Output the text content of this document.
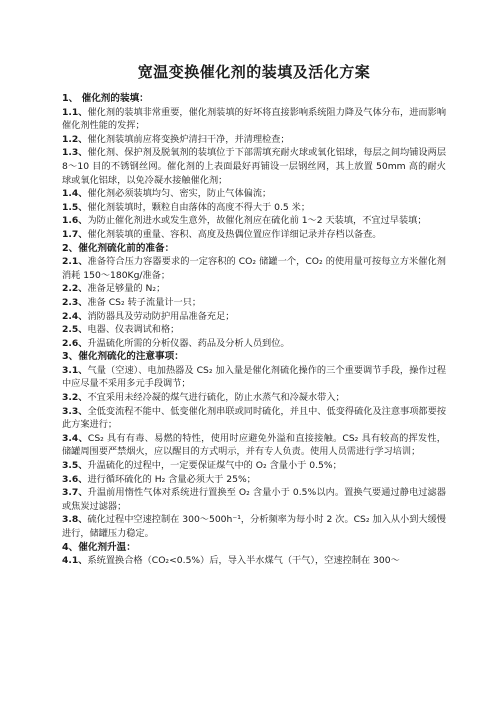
宽温变换催化剂的装填及活化方案

1、 催化剂的装填：

1.1、催化剂的装填非常重要，催化剂装填的好坏将直接影响系统阻力降及气体分布，进而影响催化剂性能的发挥；

1.2、催化剂装填前应将变换炉清扫干净，并清理检查；

1.3、催化剂、保护剂及脱氧剂的装填位于下部需填充耐火球或氧化铝球，每层之间均铺设两层 8～10 目的不锈钢丝网。催化剂的上表面最好再铺设一层钢丝网，其上放置 50mm 高的耐火球或氧化铝球，以免冷凝水接触催化剂；

1.4、催化剂必须装填均匀、密实，防止气体偏流；

1.5、催化剂装填时，颗粒自由落体的高度不得大于 0.5 米；

1.6、为防止催化剂进水或发生意外，故催化剂应在硫化前 1～2 天装填，不宜过早装填；

1.7、催化剂装填的重量、容积、高度及热偶位置应作详细记录并存档以备查。

2、催化剂硫化前的准备：

2.1、准备符合压力容器要求的一定容积的 CO₂ 储罐一个，CO₂ 的使用量可按每立方米催化剂消耗 150～180Kg/准备；

2.2、准备足够量的 N₂；

2.3、准备 CS₂ 转子流量计一只；

2.4、消防器具及劳动防护用品准备充足；

2.5、电器、仪表调试和格；

2.6、升温硫化所需的分析仪器、药品及分析人员到位。

3、催化剂硫化的注意事项：

3.1、气量（空速）、电加热器及 CS₂ 加入量是催化剂硫化操作的三个重要调节手段，操作过程中应尽量不采用多元手段调节；

3.2、不宜采用未经冷凝的煤气进行硫化，防止水蒸气和冷凝水带入；

3.3、全低变流程不能中、低变催化剂串联或同时硫化，并且中、低变得硫化及注意事项都要按此方案进行；

3.4、CS₂ 具有有毒、易燃的特性，使用时应避免外溢和直接接触。CS₂ 具有较高的挥发性，储罐周围要严禁烟火，应以醒目的方式明示，并有专人负责。使用人员需进行学习培训；

3.5、升温硫化的过程中，一定要保证煤气中的 O₂ 含量小于 0.5%；

3.6、进行循环硫化的 H₂ 含量必须大于 25%；

3.7、升温前用惰性气体对系统进行置换至 O₂ 含量小于 0.5%以内。置换气要通过静电过滤器或焦炭过滤器；

3.8、硫化过程中空速控制在 300～500h⁻¹，分析频率为每小时 2 次。CS₂ 加入从小到大缓慢进行，储罐压力稳定。

4、催化剂升温：

4.1、系统置换合格（CO₂<0.5%）后，导入半水煤气（干气），空速控制在 300～
